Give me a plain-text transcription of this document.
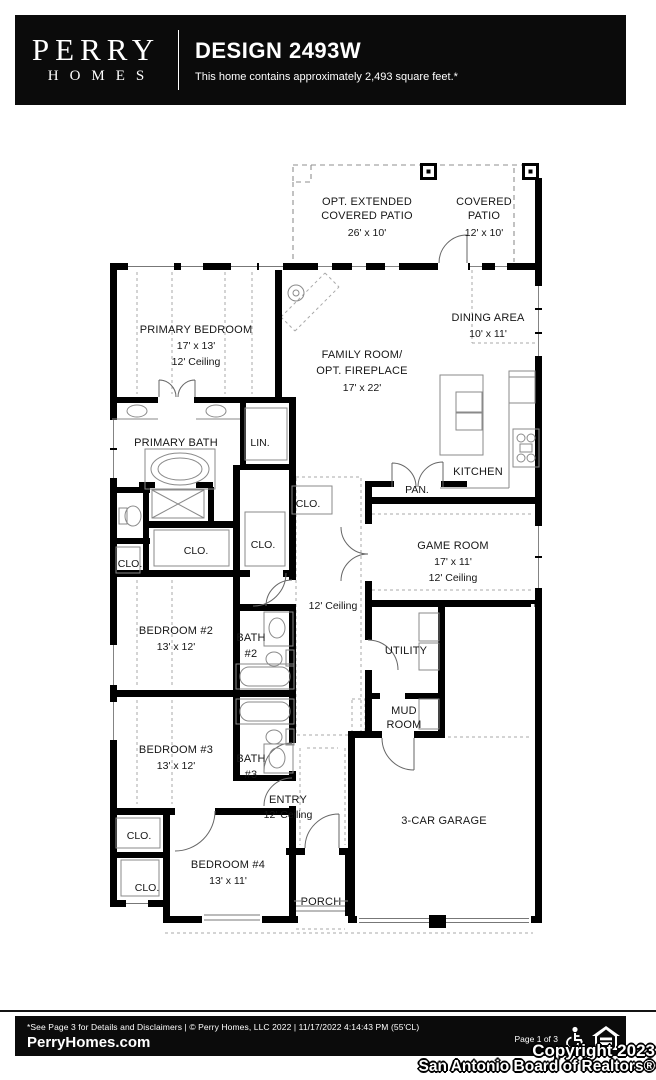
PERRY
HOMES
DESIGN 2493W
This home contains approximately 2,493 square feet.*
OPT. EXTENDED
COVERED PATIO
26' x 10'
COVERED
PATIO
12' x 10'
PRIMARY BEDROOM
17' x 13'
12' Ceiling
DINING AREA
10' x 11'
FAMILY ROOM/
OPT. FIREPLACE
17' x 22'
PRIMARY BATH	LIN.
KITCHEN
PAN.
CLO.
CLO.
CLO.
CLO.
GAME ROOM
17' x 11'
12' Ceiling
12' Ceiling
BEDROOM #2
13' x 12'
BATH
#2	UTILITY
MUD
ROOM
BEDROOM #3
13' x 12'
BATH
#3
ENTRY
12' Ceiling	3-CAR GARAGE
CLO.
CLO.
BEDROOM #4
13' x 11'
PORCH
*See Page 3 for Details and Disclaimers | © Perry Homes, LLC 2022 | 11/17/2022 4:14:43 PM (55'CL)
PerryHomes.com	Page 1 of 3
Copyright 2023
San Antonio Board of Realtors®
